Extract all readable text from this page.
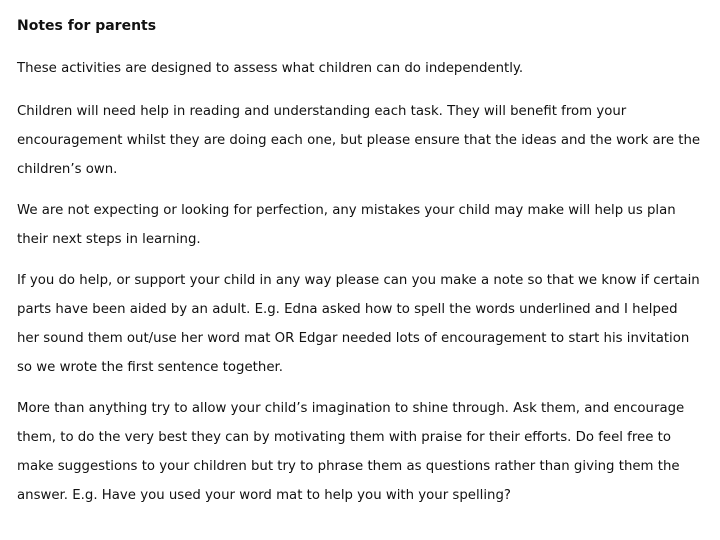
Notes for parents

These activities are designed to assess what children can do independently.

Children will need help in reading and understanding each task. They will benefit from your encouragement whilst they are doing each one, but please ensure that the ideas and the work are the children’s own.

We are not expecting or looking for perfection, any mistakes your child may make will help us plan their next steps in learning.

If you do help, or support your child in any way please can you make a note so that we know if certain parts have been aided by an adult. E.g. Edna asked how to spell the words underlined and I helped her sound them out/use her word mat OR Edgar needed lots of encouragement to start his invitation so we wrote the first sentence together.

More than anything try to allow your child’s imagination to shine through. Ask them, and encourage them, to do the very best they can by motivating them with praise for their efforts. Do feel free to make suggestions to your children but try to phrase them as questions rather than giving them the answer. E.g. Have you used your word mat to help you with your spelling?
